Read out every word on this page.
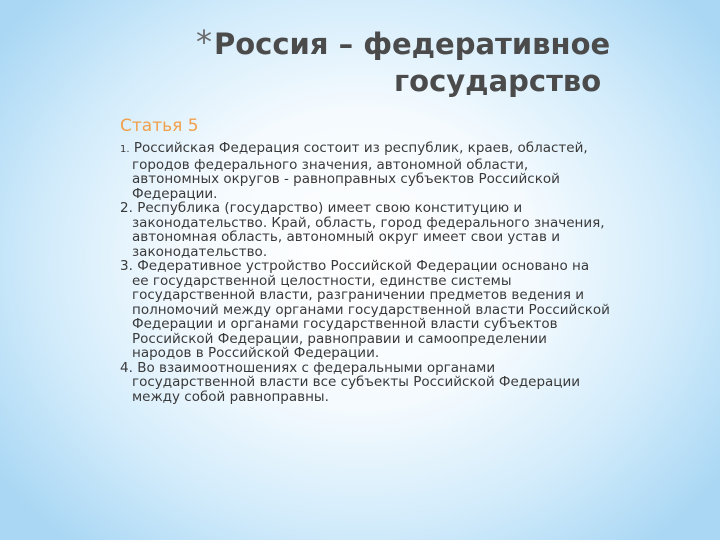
* Россия – федеративное
государство
Статья 5

1. Российская Федерация состоит из республик, краев, областей, городов федерального значения, автономной области, автономных округов - равноправных субъектов Российской Федерации.

2. Республика (государство) имеет свою конституцию и законодательство. Край, область, город федерального значения, автономная область, автономный округ имеет свои устав и законодательство.

3. Федеративное устройство Российской Федерации основано на ее государственной целостности, единстве системы государственной власти, разграничении предметов ведения и полномочий между органами государственной власти Российской Федерации и органами государственной власти субъектов Российской Федерации, равноправии и самоопределении народов в Российской Федерации.

4. Во взаимоотношениях с федеральными органами государственной власти все субъекты Российской Федерации между собой равноправны.
